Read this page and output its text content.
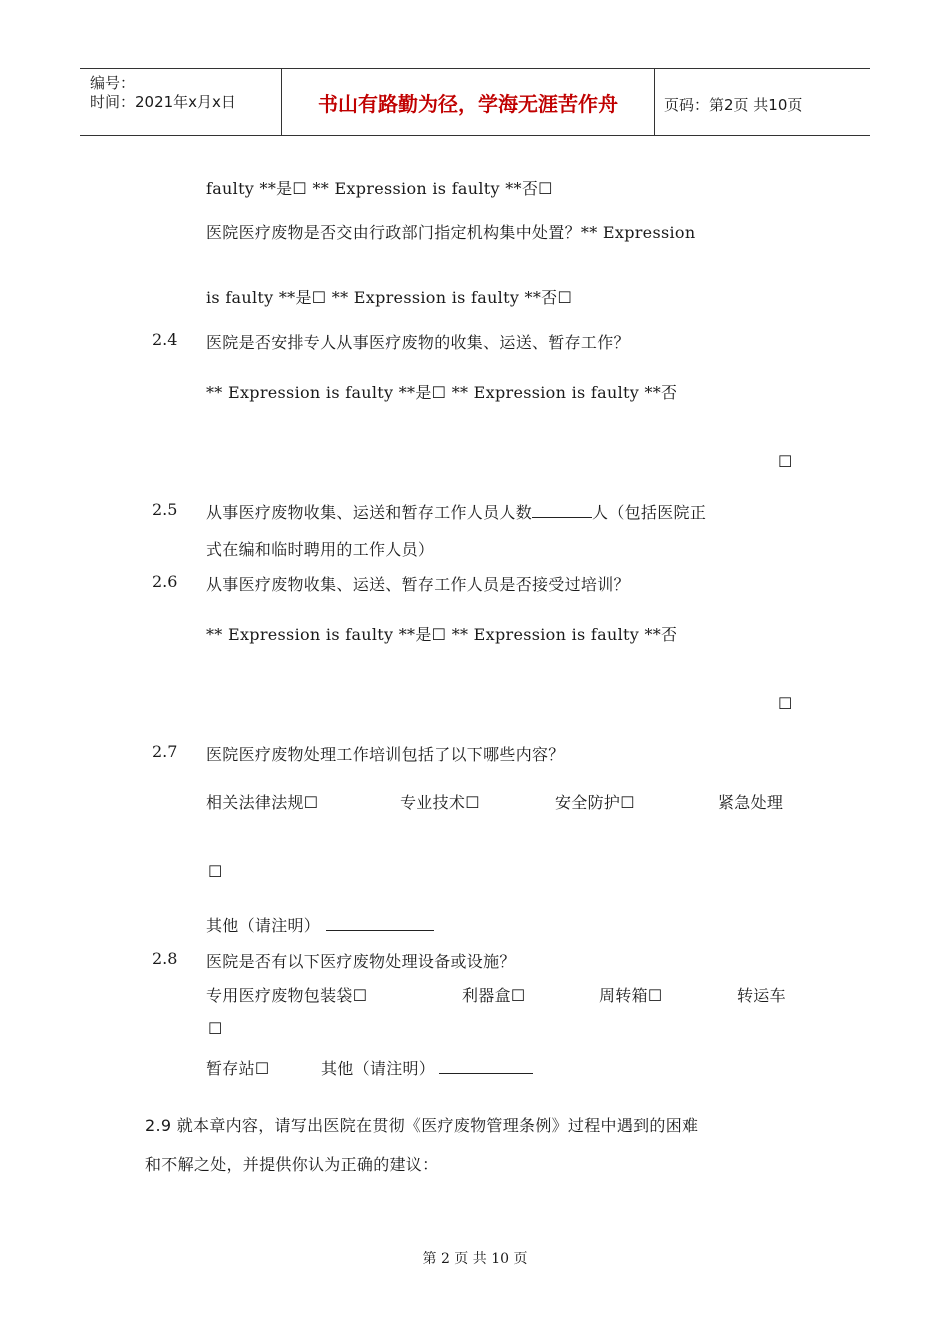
编号：
时间：2021年x月x日	书山有路勤为径，学海无涯苦作舟	页码：第2页 共10页
faulty **是☐ ** Expression is faulty **否☐
医院医疗废物是否交由行政部门指定机构集中处置？** Expression
is faulty **是☐ ** Expression is faulty **否☐
2.4 医院是否安排专人从事医疗废物的收集、运送、暂存工作？
** Expression is faulty **是☐ ** Expression is faulty **否
☐
2.5 从事医疗废物收集、运送和暂存工作人员人数	人（包括医院正
式在编和临时聘用的工作人员）
2.6 从事医疗废物收集、运送、暂存工作人员是否接受过培训？
** Expression is faulty **是☐ ** Expression is faulty **否
☐
2.7 医院医疗废物处理工作培训包括了以下哪些内容？
相关法律法规☐	专业技术☐	安全防护☐	紧急处理
☐
其他（请注明）
2.8 医院是否有以下医疗废物处理设备或设施？
专用医疗废物包装袋☐	利器盒☐	周转箱☐	转运车
☐
暂存站☐	其他（请注明）
2.9 就本章内容，请写出医院在贯彻《医疗废物管理条例》过程中遇到的困难
和不解之处，并提供你认为正确的建议：
第 2 页 共 10 页
